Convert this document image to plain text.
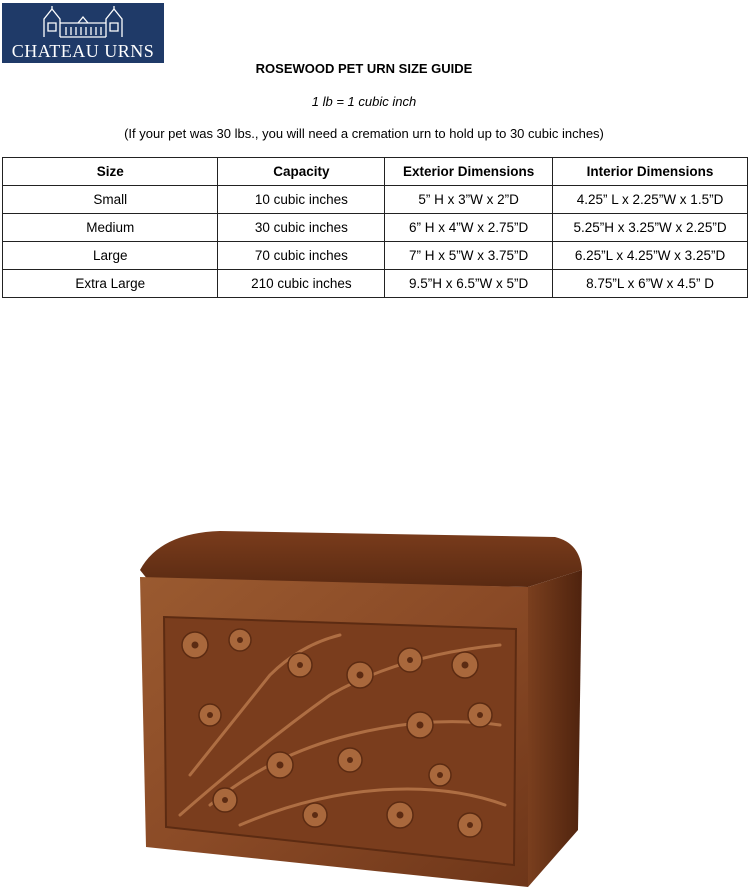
CHATEAU URNS
ROSEWOOD PET URN SIZE GUIDE
1 lb = 1 cubic inch
(If your pet was 30 lbs., you will need a cremation urn to hold up to 30 cubic inches)
Size	Capacity	Exterior Dimensions	Interior Dimensions
Small	10 cubic inches	5” H x 3”W x 2”D	4.25” L x 2.25”W x 1.5”D
Medium	30 cubic inches	6” H x 4”W x 2.75”D	5.25”H x 3.25”W x 2.25”D
Large	70 cubic inches	7” H x 5”W x 3.75”D	6.25”L x 4.25”W x 3.25”D
Extra Large	210 cubic inches	9.5”H x 6.5”W x 5”D	8.75”L x 6”W x 4.5” D
